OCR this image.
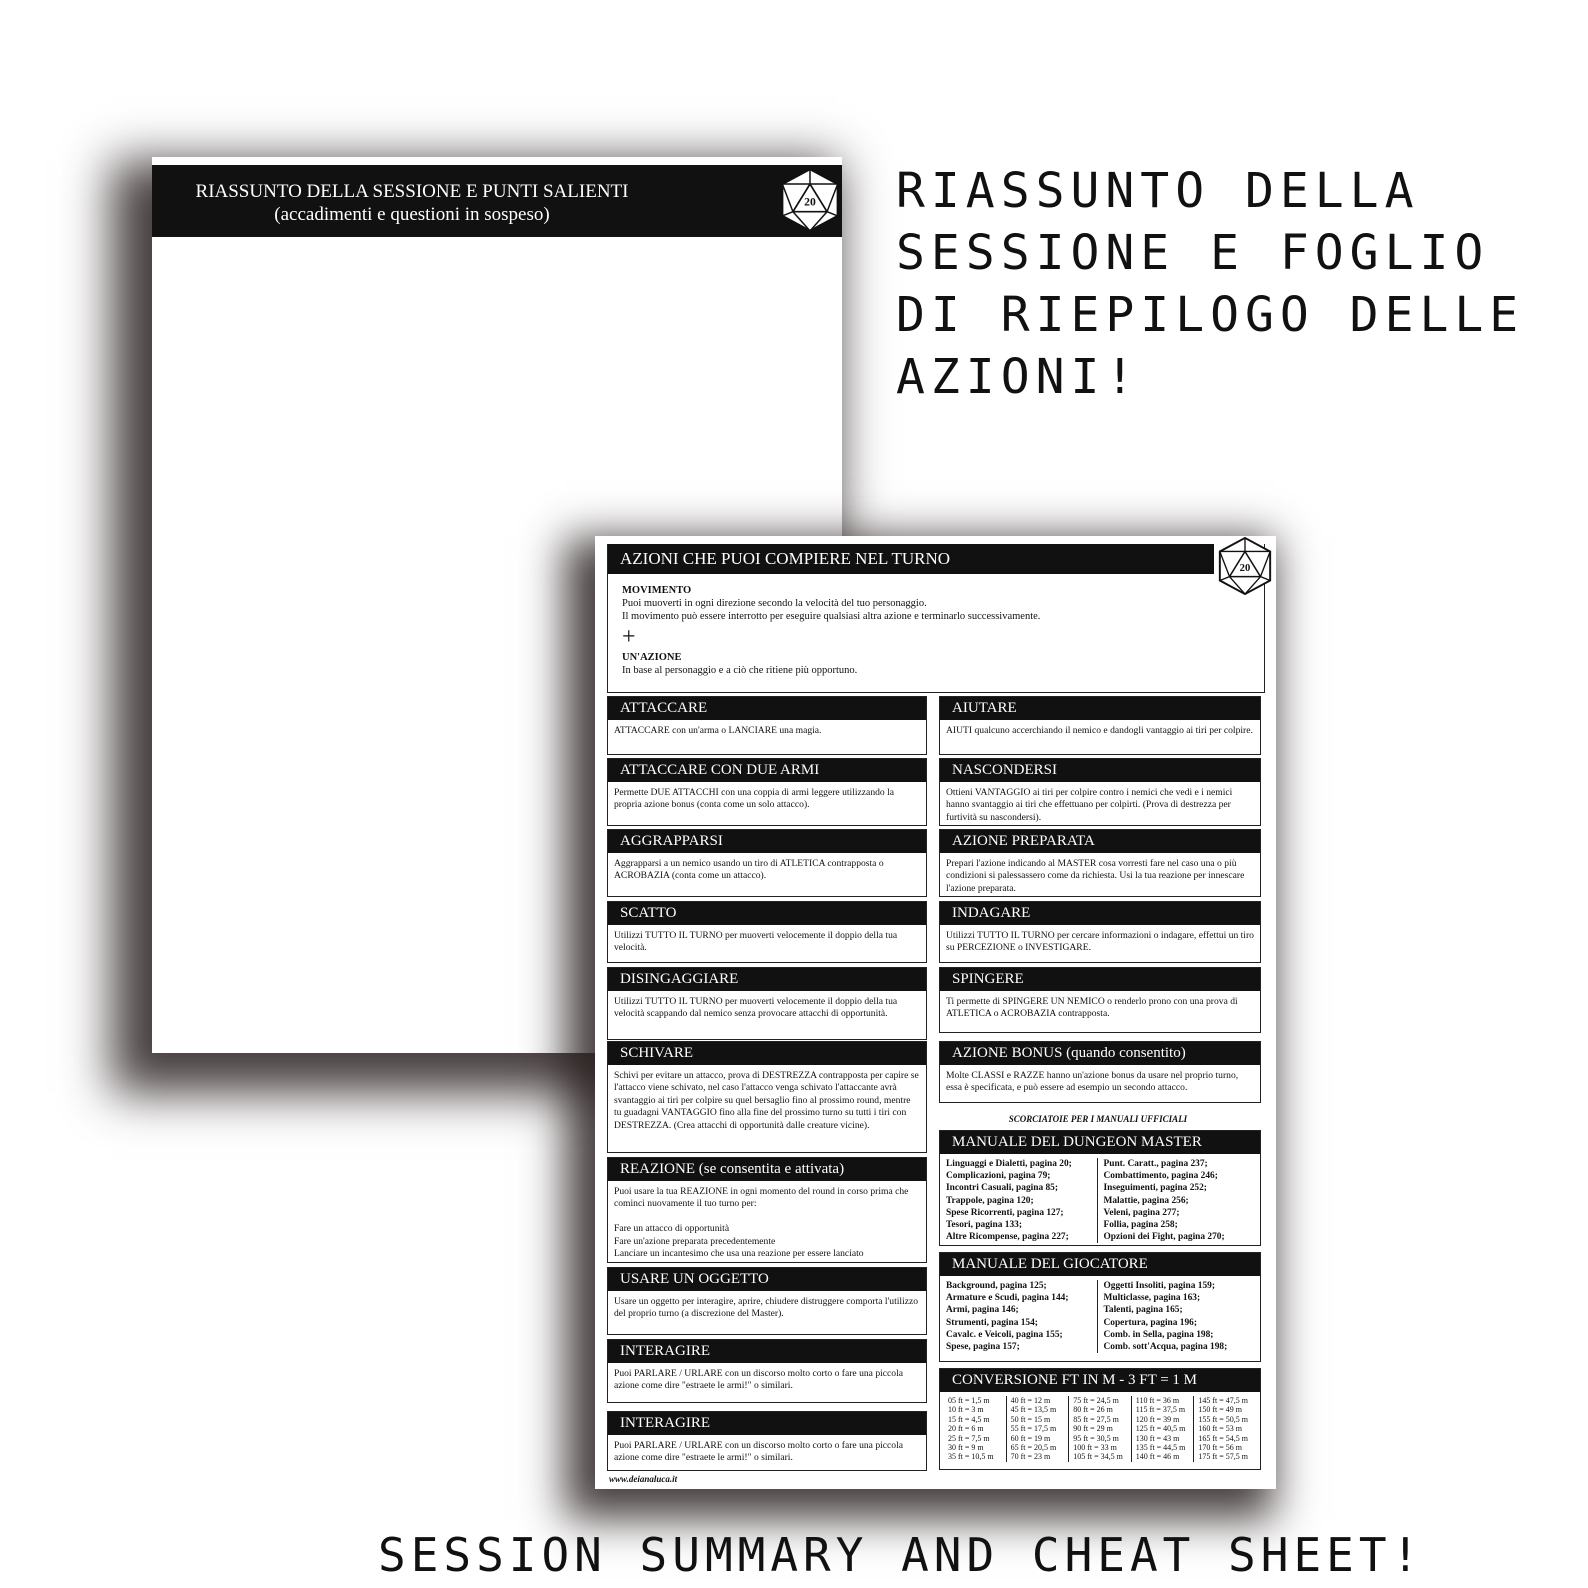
RIASSUNTO DELLA
SESSIONE E FOGLIO
DI RIEPILOGO DELLE
AZIONI!
RIASSUNTO DELLA SESSIONE E PUNTI SALIENTI
(accadimenti e questioni in sospeso)
20
AZIONI CHE PUOI COMPIERE NEL TURNO
MOVIMENTO
Puoi muoverti in ogni direzione secondo la velocità del tuo personaggio.
Il movimento può essere interrotto per eseguire qualsiasi altra azione e terminarlo successivamente.
+
UN'AZIONE
In base al personaggio e a ciò che ritiene più opportuno.
20
ATTACCARE
ATTACCARE con un'arma o LANCIARE una magia.
ATTACCARE CON DUE ARMI
Permette DUE ATTACCHI con una coppia di armi leggere utilizzando la propria azione bonus (conta come un solo attacco).
AGGRAPPARSI
Aggrapparsi a un nemico usando un tiro di ATLETICA contrapposta o ACROBAZIA (conta come un attacco).
SCATTO
Utilizzi TUTTO IL TURNO per muoverti velocemente il doppio della tua velocità.
DISINGAGGIARE
Utilizzi TUTTO IL TURNO per muoverti velocemente il doppio della tua velocità scappando dal nemico senza provocare attacchi di opportunità.
SCHIVARE
Schivi per evitare un attacco, prova di DESTREZZA contrapposta per capire se l'attacco viene schivato, nel caso l'attacco venga schivato l'attaccante avrà svantaggio ai tiri per colpire su quel bersaglio fino al prossimo round, mentre tu guadagni VANTAGGIO fino alla fine del prossimo turno su tutti i tiri con DESTREZZA. (Crea attacchi di opportunità dalle creature vicine).
REAZIONE (se consentita e attivata)
Puoi usare la tua REAZIONE in ogni momento del round in corso prima che cominci nuovamente il tuo turno per:

Fare un attacco di opportunità
Fare un'azione preparata precedentemente
Lanciare un incantesimo che usa una reazione per essere lanciato
USARE UN OGGETTO
Usare un oggetto per interagire, aprire, chiudere distruggere comporta l'utilizzo del proprio turno (a discrezione del Master).
INTERAGIRE
Puoi PARLARE / URLARE con un discorso molto corto o fare una piccola azione come dire "estraete le armi!" o similari.
INTERAGIRE
Puoi PARLARE / URLARE con un discorso molto corto o fare una piccola azione come dire "estraete le armi!" o similari.
AIUTARE
AIUTI qualcuno accerchiando il nemico e dandogli vantaggio ai tiri per colpire.
NASCONDERSI
Ottieni VANTAGGIO ai tiri per colpire contro i nemici che vedi e i nemici hanno svantaggio ai tiri che effettuano per colpirti. (Prova di destrezza per furtività su nascondersi).
AZIONE PREPARATA
Prepari l'azione indicando al MASTER cosa vorresti fare nel caso una o più condizioni si palessassero come da richiesta. Usi la tua reazione per innescare l'azione preparata.
INDAGARE
Utilizzi TUTTO IL TURNO per cercare informazioni o indagare, effettui un tiro su PERCEZIONE o INVESTIGARE.
SPINGERE
Ti permette di SPINGERE UN NEMICO o renderlo prono con una prova di ATLETICA o ACROBAZIA contrapposta.
AZIONE BONUS (quando consentito)
Molte CLASSI e RAZZE hanno un'azione bonus da usare nel proprio turno, essa è specificata, e può essere ad esempio un secondo attacco.
SCORCIATOIE PER I MANUALI UFFICIALI
MANUALE DEL DUNGEON MASTER
Linguaggi e Dialetti, pagina 20;
Complicazioni, pagina 79;
Incontri Casuali, pagina 85;
Trappole, pagina 120;
Spese Ricorrenti, pagina 127;
Tesori, pagina 133;
Altre Ricompense, pagina 227;
Punt. Caratt., pagina 237;
Combattimento, pagina 246;
Inseguimenti, pagina 252;
Malattie, pagina 256;
Veleni, pagina 277;
Follia, pagina 258;
Opzioni dei Fight, pagina 270;
MANUALE DEL GIOCATORE
Background, pagina 125;
Armature e Scudi, pagina 144;
Armi, pagina 146;
Strumenti, pagina 154;
Cavalc. e Veicoli, pagina 155;
Spese, pagina 157;
Oggetti Insoliti, pagina 159;
Multiclasse, pagina 163;
Talenti, pagina 165;
Copertura, pagina 196;
Comb. in Sella, pagina 198;
Comb. sott'Acqua, pagina 198;
CONVERSIONE FT IN M - 3 FT = 1 M
05 ft = 1,5 m
10 ft = 3 m
15 ft = 4,5 m
20 ft = 6 m
25 ft = 7,5 m
30 ft = 9 m
35 ft = 10,5 m
40 ft = 12 m
45 ft = 13,5 m
50 ft = 15 m
55 ft = 17,5 m
60 ft = 19 m
65 ft = 20,5 m
70 ft = 23 m
75 ft = 24,5 m
80 ft = 26 m
85 ft = 27,5 m
90 ft = 29 m
95 ft = 30,5 m
100 ft = 33 m
105 ft = 34,5 m
110 ft = 36 m
115 ft = 37,5 m
120 ft = 39 m
125 ft = 40,5 m
130 ft = 43 m
135 ft = 44,5 m
140 ft = 46 m
145 ft = 47,5 m
150 ft = 49 m
155 ft = 50,5 m
160 ft = 53 m
165 ft = 54,5 m
170 ft = 56 m
175 ft = 57,5 m
www.deianaluca.it
SESSION SUMMARY AND CHEAT SHEET!
